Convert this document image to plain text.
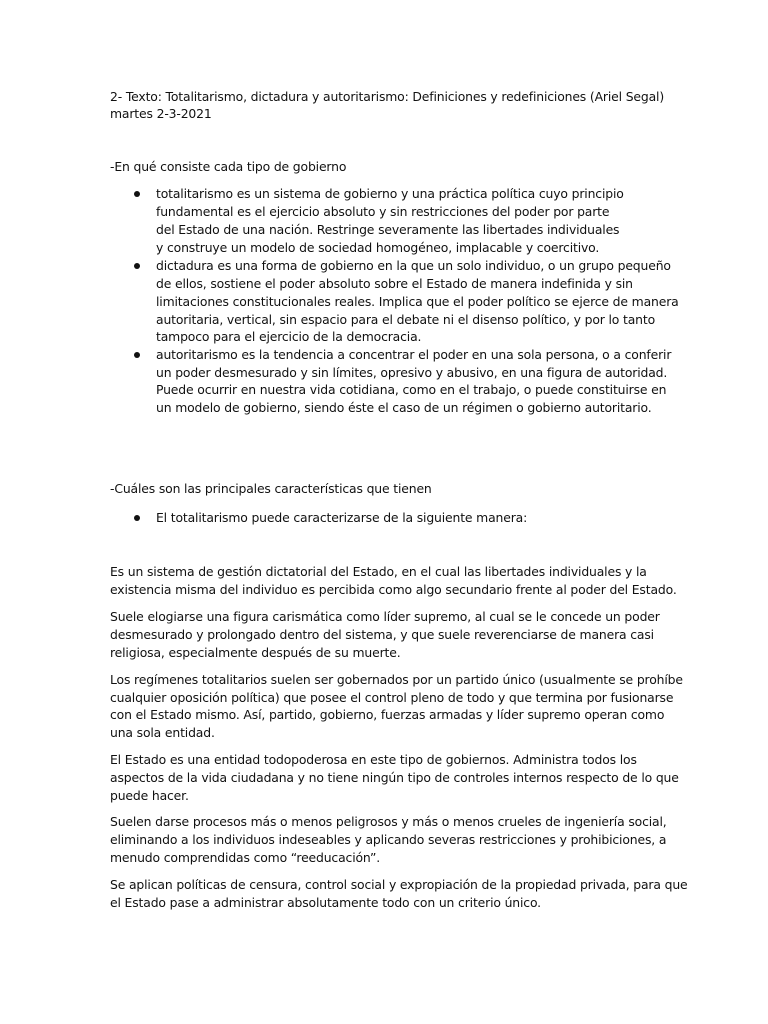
2- Texto: Totalitarismo, dictadura y autoritarismo: Definiciones y redefiniciones (Ariel Segal)
martes 2-3-2021
-En qué consiste cada tipo de gobierno
totalitarismo es un sistema de gobierno y una práctica política cuyo principio
fundamental es el ejercicio absoluto y sin restricciones del poder por parte
del Estado de una nación. Restringe severamente las libertades individuales
y construye un modelo de sociedad homogéneo, implacable y coercitivo.
dictadura es una forma de gobierno en la que un solo individuo, o un grupo pequeño
de ellos, sostiene el poder absoluto sobre el Estado de manera indefinida y sin
limitaciones constitucionales reales. Implica que el poder político se ejerce de manera
autoritaria, vertical, sin espacio para el debate ni el disenso político, y por lo tanto
tampoco para el ejercicio de la democracia.
autoritarismo es la tendencia a concentrar el poder en una sola persona, o a conferir
un poder desmesurado y sin límites, opresivo y abusivo, en una figura de autoridad.
Puede ocurrir en nuestra vida cotidiana, como en el trabajo, o puede constituirse en
un modelo de gobierno, siendo éste el caso de un régimen o gobierno autoritario.
-Cuáles son las principales características que tienen
El totalitarismo puede caracterizarse de la siguiente manera:
Es un sistema de gestión dictatorial del Estado, en el cual las libertades individuales y la
existencia misma del individuo es percibida como algo secundario frente al poder del Estado.
Suele elogiarse una figura carismática como líder supremo, al cual se le concede un poder
desmesurado y prolongado dentro del sistema, y que suele reverenciarse de manera casi
religiosa, especialmente después de su muerte.
Los regímenes totalitarios suelen ser gobernados por un partido único (usualmente se prohíbe
cualquier oposición política) que posee el control pleno de todo y que termina por fusionarse
con el Estado mismo. Así, partido, gobierno, fuerzas armadas y líder supremo operan como
una sola entidad.
El Estado es una entidad todopoderosa en este tipo de gobiernos. Administra todos los
aspectos de la vida ciudadana y no tiene ningún tipo de controles internos respecto de lo que
puede hacer.
Suelen darse procesos más o menos peligrosos y más o menos crueles de ingeniería social,
eliminando a los individuos indeseables y aplicando severas restricciones y prohibiciones, a
menudo comprendidas como “reeducación”.
Se aplican políticas de censura, control social y expropiación de la propiedad privada, para que
el Estado pase a administrar absolutamente todo con un criterio único.
